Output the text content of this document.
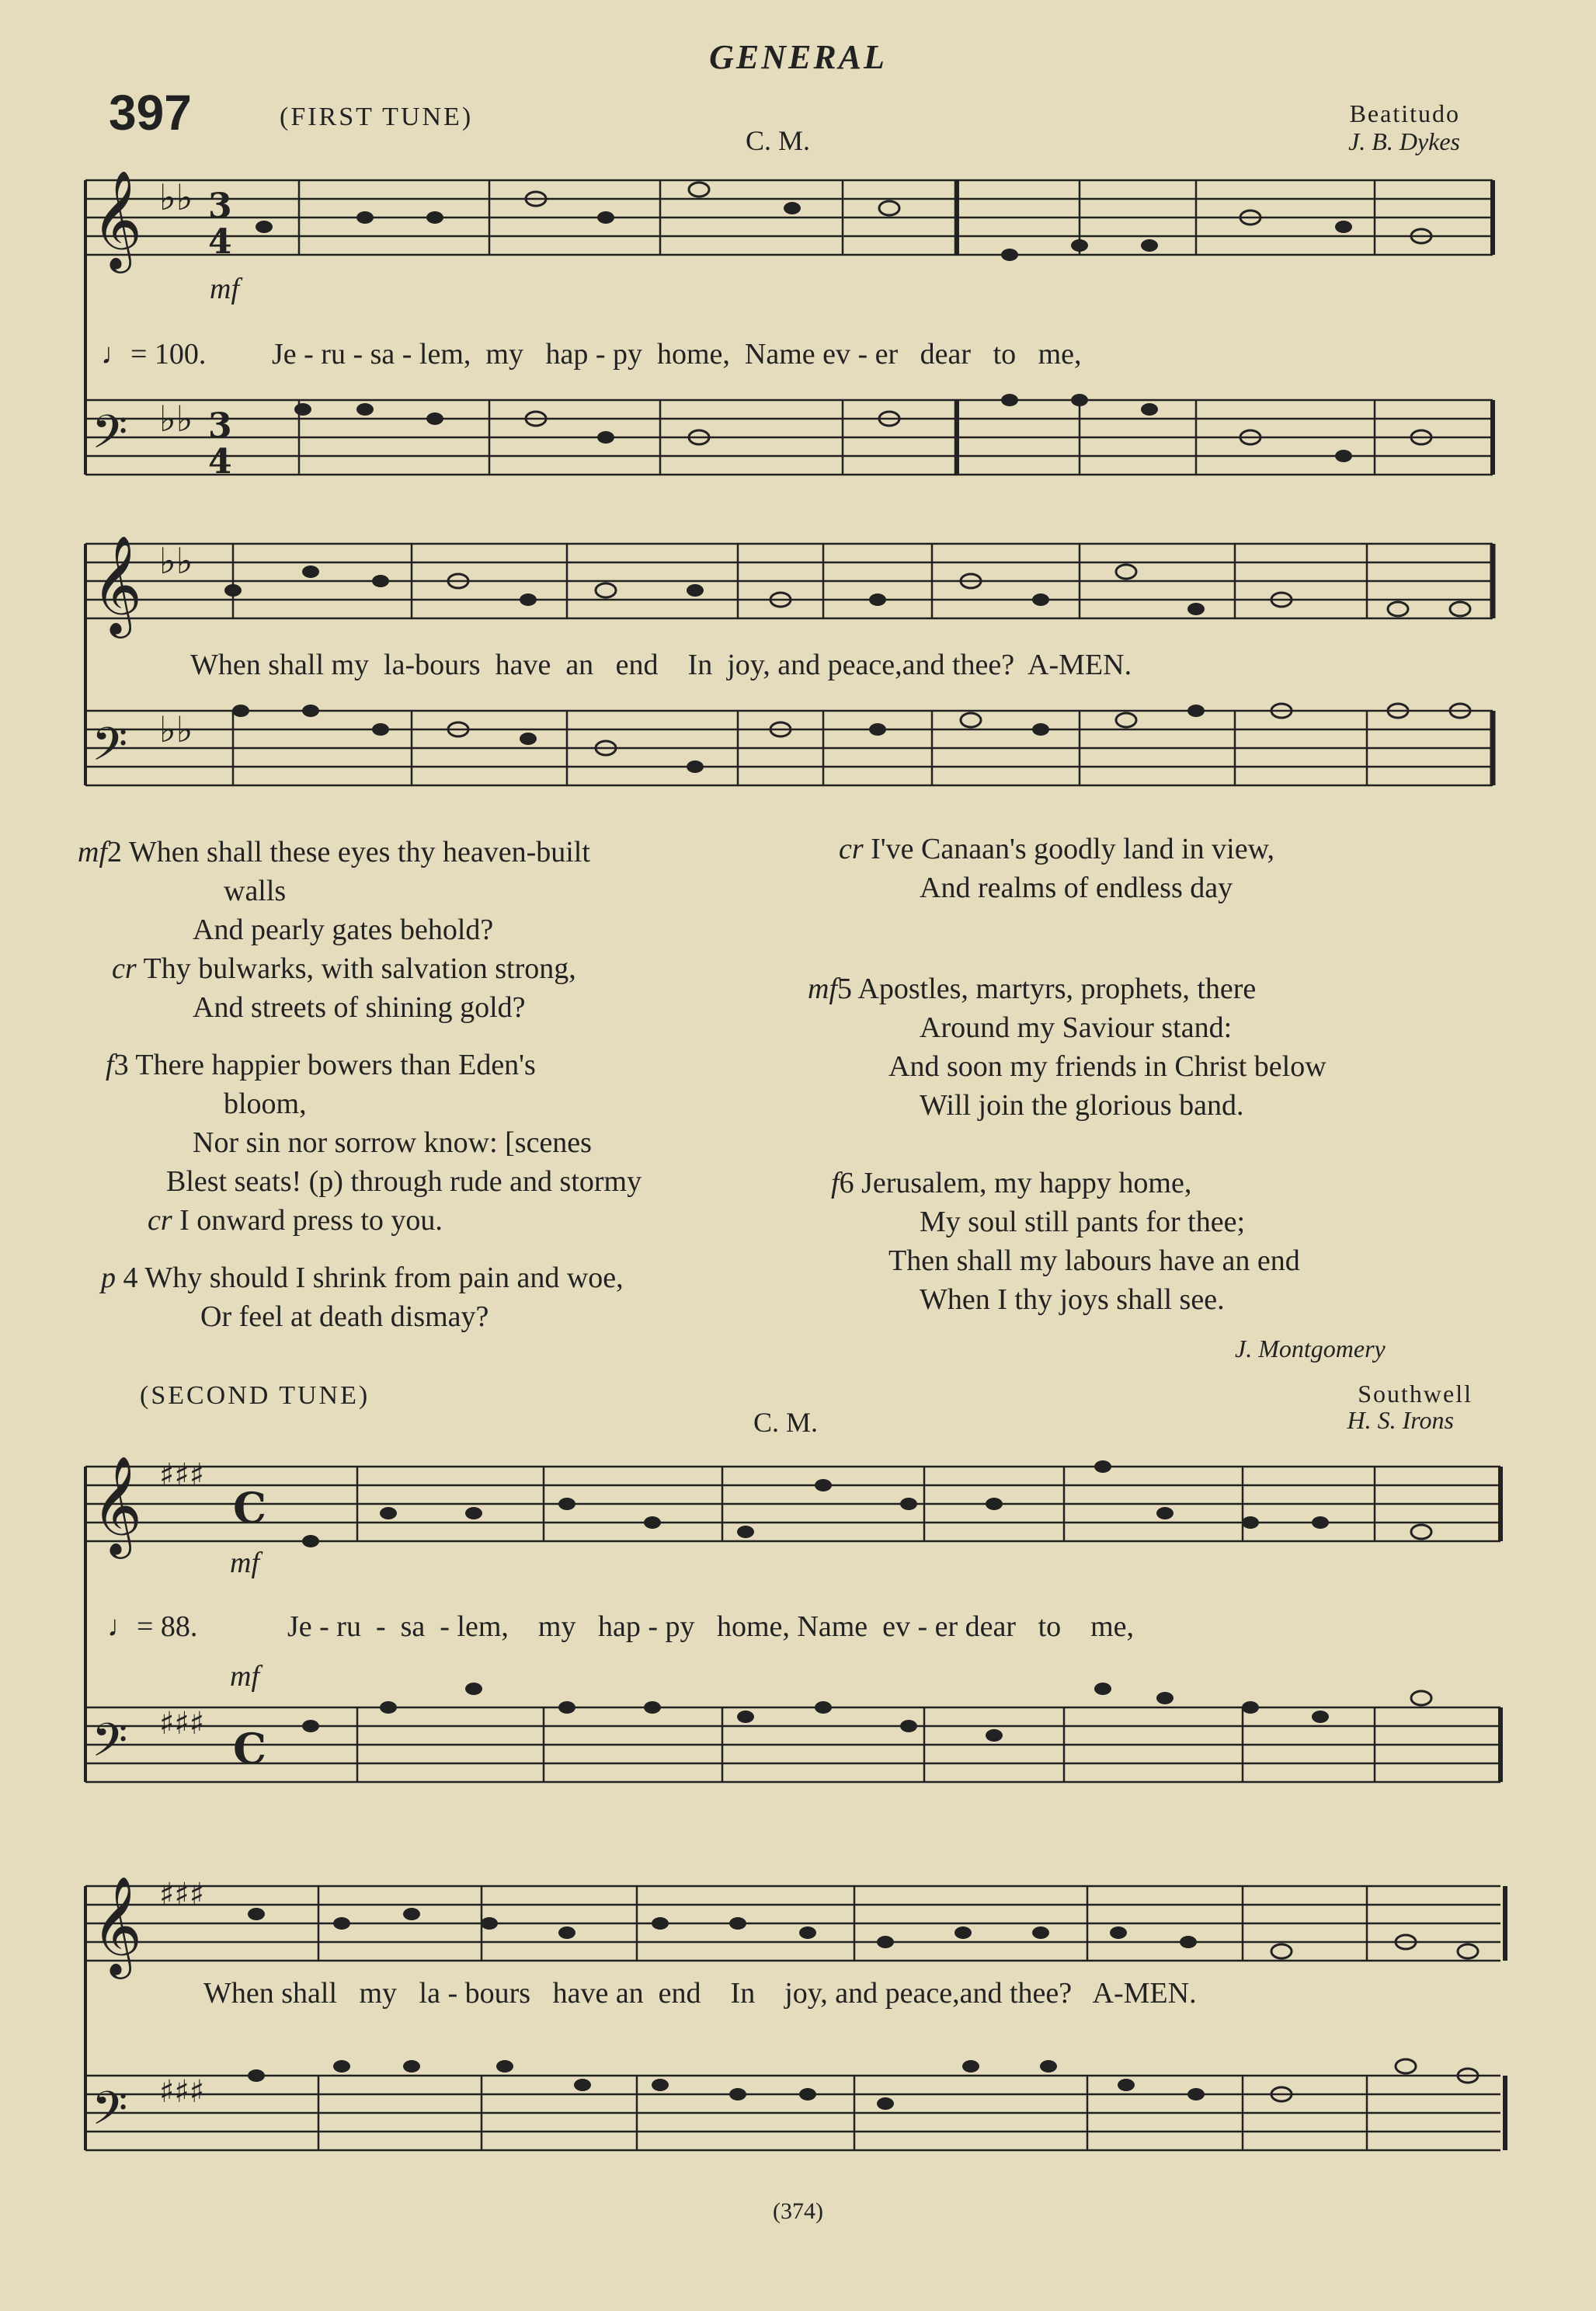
GENERAL
397	(FIRST TUNE)
C. M.
Beatitudo
J. B. Dykes
𝄞
𝄢
𝄞
𝄢
𝄞
𝄢
𝄞
𝄢
♭♭
♭♭
♭♭
♭♭
♯♯♯
♯♯♯
♯♯♯
♯♯♯
3
4
3
4
C
C
mf
♩= 100. Je - ru - sa - lem,  my   hap - py  home,  Name ev - er   dear   to   me,
When shall my  la-bours  have  an   end    In  joy, and peace,and thee?  A-MEN.
mf2 When shall these eyes thy heaven-built
walls
And pearly gates behold?
cr Thy bulwarks, with salvation strong,
And streets of shining gold?
f3 There happier bowers than Eden's
bloom,
Nor sin nor sorrow know: [scenes
Blest seats! (p) through rude and stormy
cr I onward press to you.
p 4 Why should I shrink from pain and woe,
Or feel at death dismay?
cr I've Canaan's goodly land in view,
And realms of endless day
mf5 Apostles, martyrs, prophets, there
Around my Saviour stand:
And soon my friends in Christ below
Will join the glorious band.
f6 Jerusalem, my happy home,
My soul still pants for thee;
Then shall my labours have an end
When I thy joys shall see.
J. Montgomery
(SECOND TUNE)
C. M.
Southwell
H. S. Irons
mf
mf
♩= 88.	Je - ru  -  sa  - lem,    my   hap - py   home, Name  ev - er dear   to    me,
When shall   my   la - bours   have an  end    In    joy, and peace,and thee?   A-MEN.
(374)
